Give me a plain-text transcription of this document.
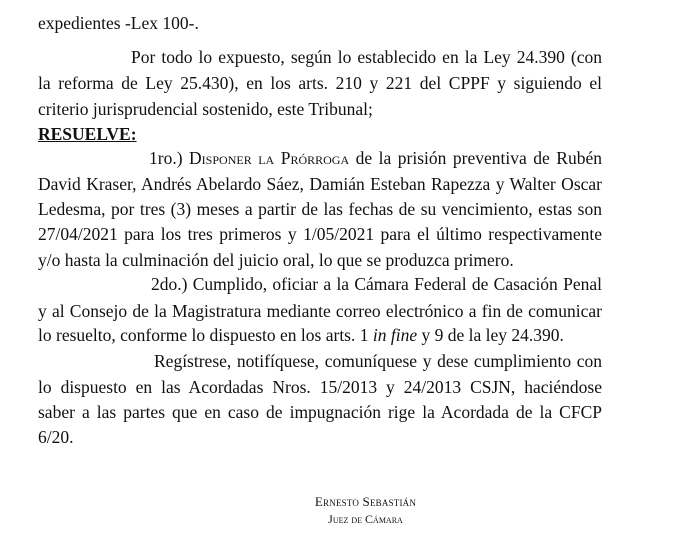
expedientes -Lex 100-.

Por todo lo expuesto, según lo establecido en la Ley 24.390 (con

la reforma de Ley 25.430), en los arts. 210 y 221 del CPPF y siguiendo el

criterio jurisprudencial sostenido, este Tribunal;

RESUELVE:

1ro.) Disponer la Prórroga de la prisión preventiva de Rubén

David Kraser, Andrés Abelardo Sáez, Damián Esteban Rapezza y Walter Oscar

Ledesma, por tres (3) meses a partir de las fechas de su vencimiento, estas son

27/04/2021 para los tres primeros y 1/05/2021 para el último respectivamente

y/o hasta la culminación del juicio oral, lo que se produzca primero.

2do.) Cumplido, oficiar a la Cámara Federal de Casación Penal

y al Consejo de la Magistratura mediante correo electrónico a fin de comunicar

lo resuelto, conforme lo dispuesto en los arts. 1 in fine y 9 de la ley 24.390.

Regístrese, notifíquese, comuníquese y dese cumplimiento con

lo dispuesto en las Acordadas Nros. 15/2013 y 24/2013 CSJN, haciéndose

saber a las partes que en caso de impugnación rige la Acordada de la CFCP

6/20.

Ernesto Sebastián

Juez de Cámara
